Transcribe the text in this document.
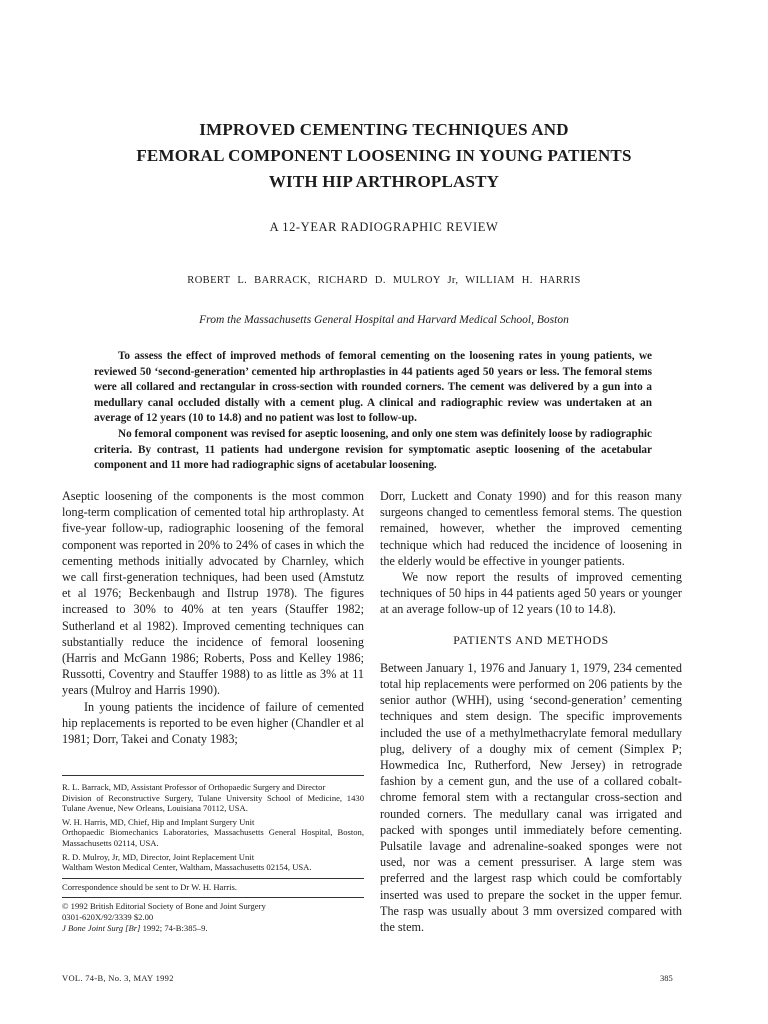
IMPROVED CEMENTING TECHNIQUES AND
FEMORAL COMPONENT LOOSENING IN YOUNG PATIENTS
WITH HIP ARTHROPLASTY

A 12-YEAR RADIOGRAPHIC REVIEW

ROBERT L. BARRACK, RICHARD D. MULROY Jr, WILLIAM H. HARRIS

From the Massachusetts General Hospital and Harvard Medical School, Boston

To assess the effect of improved methods of femoral cementing on the loosening rates in young patients, we reviewed 50 ‘second-generation’ cemented hip arthroplasties in 44 patients aged 50 years or less. The femoral stems were all collared and rectangular in cross-section with rounded corners. The cement was delivered by a gun into a medullary canal occluded distally with a cement plug. A clinical and radiographic review was undertaken at an average of 12 years (10 to 14.8) and no patient was lost to follow-up.

No femoral component was revised for aseptic loosening, and only one stem was definitely loose by radiographic criteria. By contrast, 11 patients had undergone revision for symptomatic aseptic loosening of the acetabular component and 11 more had radiographic signs of acetabular loosening.

Aseptic loosening of the components is the most common long-term complication of cemented total hip arthroplasty. At five-year follow-up, radiographic loosening of the femoral component was reported in 20% to 24% of cases in which the cementing methods initially advocated by Charnley, which we call first-generation techniques, had been used (Amstutz et al 1976; Beckenbaugh and Ilstrup 1978). The figures increased to 30% to 40% at ten years (Stauffer 1982; Sutherland et al 1982). Improved cementing techniques can substantially reduce the incidence of femoral loosening (Harris and McGann 1986; Roberts, Poss and Kelley 1986; Russotti, Coventry and Stauffer 1988) to as little as 3% at 11 years (Mulroy and Harris 1990).

In young patients the incidence of failure of cemented hip replacements is reported to be even higher (Chandler et al 1981; Dorr, Takei and Conaty 1983;

Dorr, Luckett and Conaty 1990) and for this reason many surgeons changed to cementless femoral stems. The question remained, however, whether the improved cementing technique which had reduced the incidence of loosening in the elderly would be effective in younger patients.

We now report the results of improved cementing techniques of 50 hips in 44 patients aged 50 years or younger at an average follow-up of 12 years (10 to 14.8).

PATIENTS AND METHODS

Between January 1, 1976 and January 1, 1979, 234 cemented total hip replacements were performed on 206 patients by the senior author (WHH), using ‘second-generation’ cementing techniques and stem design. The specific improvements included the use of a methylmethacrylate femoral medullary plug, delivery of a doughy mix of cement (Simplex P; Howmedica Inc, Rutherford, New Jersey) in retrograde fashion by a cement gun, and the use of a collared cobalt-chrome femoral stem with a rectangular cross-section and rounded corners. The medullary canal was irrigated and packed with sponges until immediately before cementing. Pulsatile lavage and adrenaline-soaked sponges were not used, nor was a cement pressuriser. A large stem was preferred and the largest rasp which could be comfortably inserted was used to prepare the socket in the upper femur. The rasp was usually about 3 mm oversized compared with the stem.

R. L. Barrack, MD, Assistant Professor of Orthopaedic Surgery and Director
Division of Reconstructive Surgery, Tulane University School of Medicine, 1430 Tulane Avenue, New Orleans, Louisiana 70112, USA.

W. H. Harris, MD, Chief, Hip and Implant Surgery Unit
Orthopaedic Biomechanics Laboratories, Massachusetts General Hospital, Boston, Massachusetts 02114, USA.

R. D. Mulroy, Jr, MD, Director, Joint Replacement Unit
Waltham Weston Medical Center, Waltham, Massachusetts 02154, USA.

Correspondence should be sent to Dr W. H. Harris.

© 1992 British Editorial Society of Bone and Joint Surgery
0301-620X/92/3339 $2.00
J Bone Joint Surg [Br] 1992; 74-B:385–9.

VOL. 74-B, No. 3, MAY 1992	385
